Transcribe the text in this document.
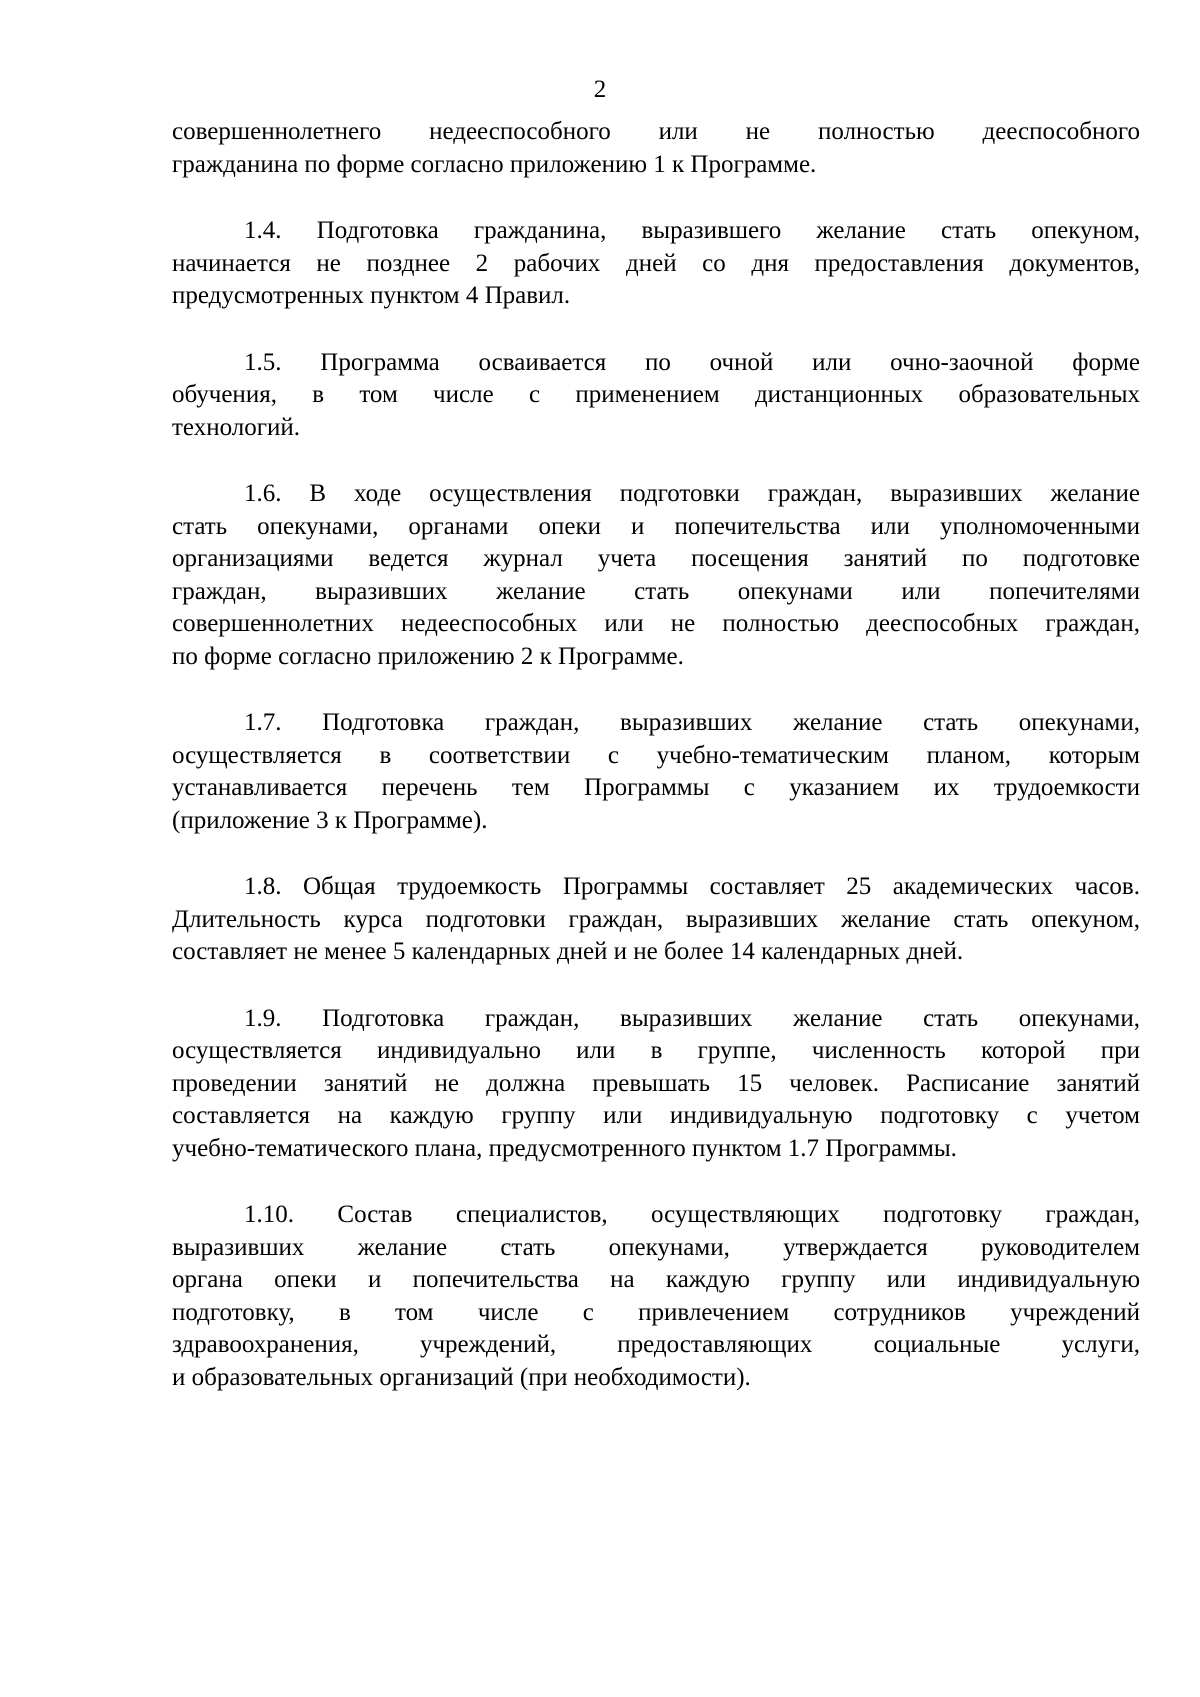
2
совершеннолетнего недееспособного или не полностью дееспособного
гражданина по форме согласно приложению 1 к Программе.
1.4. Подготовка гражданина, выразившего желание стать опекуном,
начинается не позднее 2 рабочих дней со дня предоставления документов,
предусмотренных пунктом 4 Правил.
1.5. Программа осваивается по очной или очно-заочной форме
обучения, в том числе с применением дистанционных образовательных
технологий.
1.6. В ходе осуществления подготовки граждан, выразивших желание
стать опекунами, органами опеки и попечительства или уполномоченными
организациями ведется журнал учета посещения занятий по подготовке
граждан, выразивших желание стать опекунами или попечителями
совершеннолетних недееспособных или не полностью дееспособных граждан,
по форме согласно приложению 2 к Программе.
1.7. Подготовка граждан, выразивших желание стать опекунами,
осуществляется в соответствии с учебно-тематическим планом, которым
устанавливается перечень тем Программы с указанием их трудоемкости
(приложение 3 к Программе).
1.8. Общая трудоемкость Программы составляет 25 академических часов.
Длительность курса подготовки граждан, выразивших желание стать опекуном,
составляет не менее 5 календарных дней и не более 14 календарных дней.
1.9. Подготовка граждан, выразивших желание стать опекунами,
осуществляется индивидуально или в группе, численность которой при
проведении занятий не должна превышать 15 человек. Расписание занятий
составляется на каждую группу или индивидуальную подготовку с учетом
учебно-тематического плана, предусмотренного пунктом 1.7 Программы.
1.10. Состав специалистов, осуществляющих подготовку граждан,
выразивших желание стать опекунами, утверждается руководителем
органа опеки и попечительства на каждую группу или индивидуальную
подготовку, в том числе с привлечением сотрудников учреждений
здравоохранения, учреждений, предоставляющих социальные услуги,
и образовательных организаций (при необходимости).
